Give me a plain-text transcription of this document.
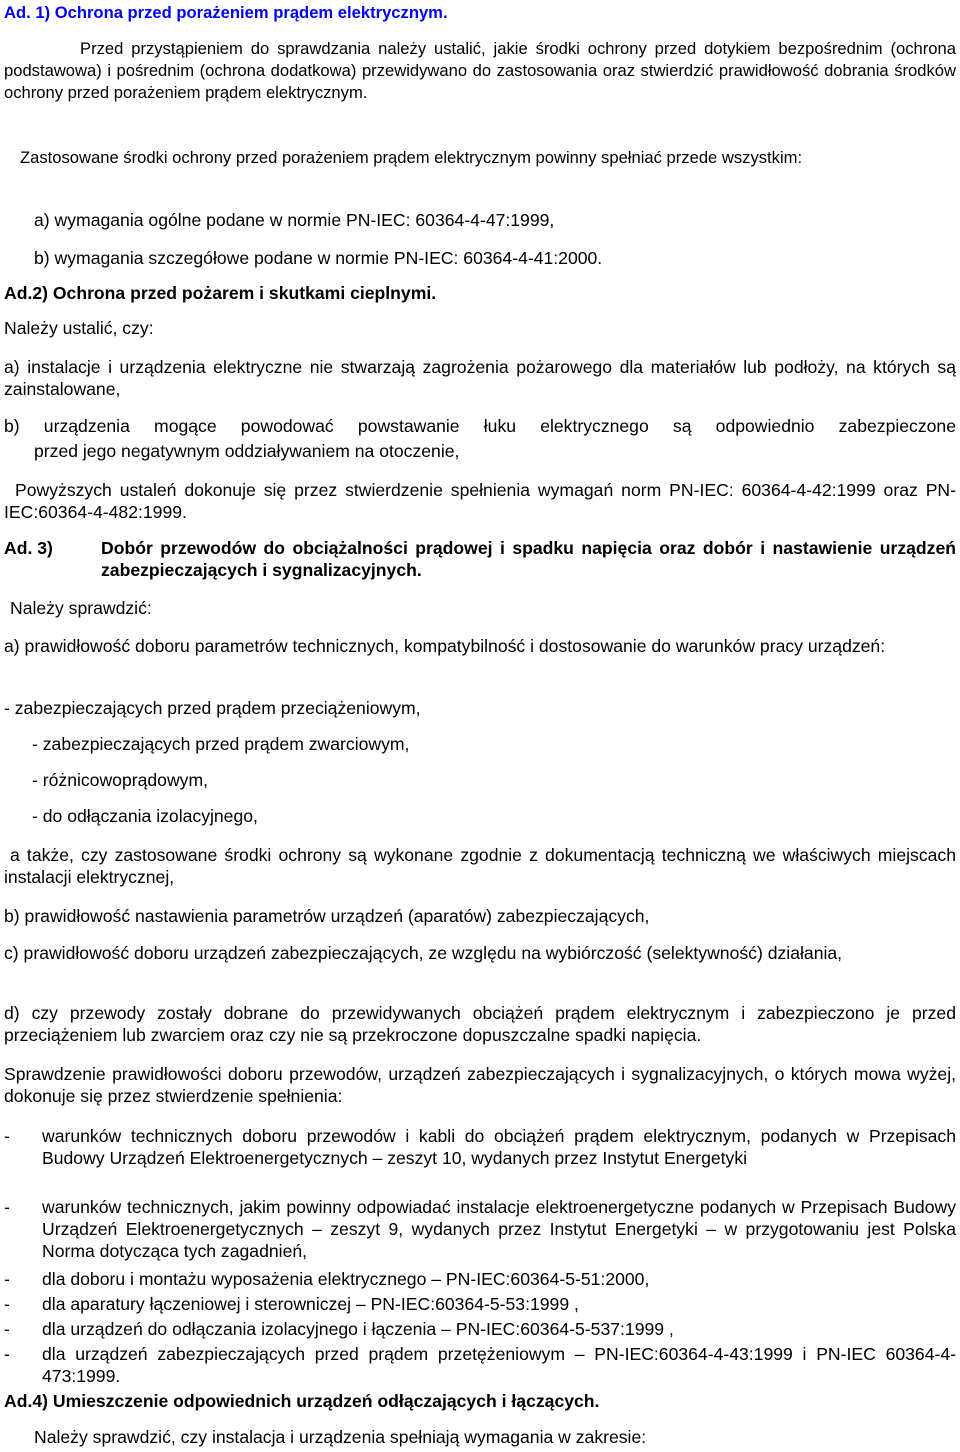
Ad. 1) Ochrona przed porażeniem prądem elektrycznym.

Przed przystąpieniem do sprawdzania należy ustalić, jakie środki ochrony przed dotykiem bezpośrednim (ochrona podstawowa) i pośrednim (ochrona dodatkowa) przewidywano do zastosowania oraz stwierdzić prawidłowość dobrania środków ochrony przed porażeniem prądem elektrycznym.

Zastosowane środki ochrony przed porażeniem prądem elektrycznym powinny spełniać przede wszystkim:

a) wymagania ogólne podane w normie PN-IEC: 60364-4-47:1999,

b) wymagania szczegółowe podane w normie PN-IEC: 60364-4-41:2000.

Ad.2) Ochrona przed pożarem i skutkami cieplnymi.

Należy ustalić, czy:

a) instalacje i urządzenia elektryczne nie stwarzają zagrożenia pożarowego dla materiałów lub podłoży, na których są zainstalowane,

b) urządzenia mogące powodować powstawanie łuku elektrycznego są odpowiednio zabezpieczone

przed jego negatywnym oddziaływaniem na otoczenie,

Powyższych ustaleń dokonuje się przez stwierdzenie spełnienia wymagań norm PN-IEC: 60364-4-42:1999 oraz PN-IEC:60364-4-482:1999.

Ad. 3)	Dobór przewodów do obciążalności prądowej i spadku napięcia oraz dobór i nastawienie urządzeń zabezpieczających i sygnalizacyjnych.

Należy sprawdzić:

a) prawidłowość doboru parametrów technicznych, kompatybilność i dostosowanie do warunków pracy urządzeń:

- zabezpieczających przed prądem przeciążeniowym,

- zabezpieczających przed prądem zwarciowym,

- różnicowoprądowym,

- do odłączania izolacyjnego,

a także, czy zastosowane środki ochrony są wykonane zgodnie z dokumentacją techniczną we właściwych miejscach instalacji elektrycznej,

b) prawidłowość nastawienia parametrów urządzeń (aparatów) zabezpieczających,

c) prawidłowość doboru urządzeń zabezpieczających, ze względu na wybiórczość (selektywność) działania,

d) czy przewody zostały dobrane do przewidywanych obciążeń prądem elektrycznym i zabezpieczono je przed przeciążeniem lub zwarciem oraz czy nie są przekroczone dopuszczalne spadki napięcia.

Sprawdzenie prawidłowości doboru przewodów, urządzeń zabezpieczających i sygnalizacyjnych, o których mowa wyżej, dokonuje się przez stwierdzenie spełnienia:

- warunków technicznych doboru przewodów i kabli do obciążeń prądem elektrycznym, podanych w Przepisach Budowy Urządzeń Elektroenergetycznych – zeszyt 10, wydanych przez Instytut Energetyki

- warunków technicznych, jakim powinny odpowiadać instalacje elektroenergetyczne podanych w Przepisach Budowy Urządzeń Elektroenergetycznych – zeszyt 9, wydanych przez Instytut Energetyki – w przygotowaniu jest Polska Norma dotycząca tych zagadnień,

- dla doboru i montażu wyposażenia elektrycznego – PN-IEC:60364-5-51:2000,

- dla aparatury łączeniowej i sterowniczej – PN-IEC:60364-5-53:1999 ,

- dla urządzeń do odłączania izolacyjnego i łączenia – PN-IEC:60364-5-537:1999 ,

- dla urządzeń zabezpieczających przed prądem przetężeniowym – PN-IEC:60364-4-43:1999 i PN-IEC 60364-4-473:1999.

Ad.4) Umieszczenie odpowiednich urządzeń odłączających i łączących.

Należy sprawdzić, czy instalacja i urządzenia spełniają wymagania w zakresie:
